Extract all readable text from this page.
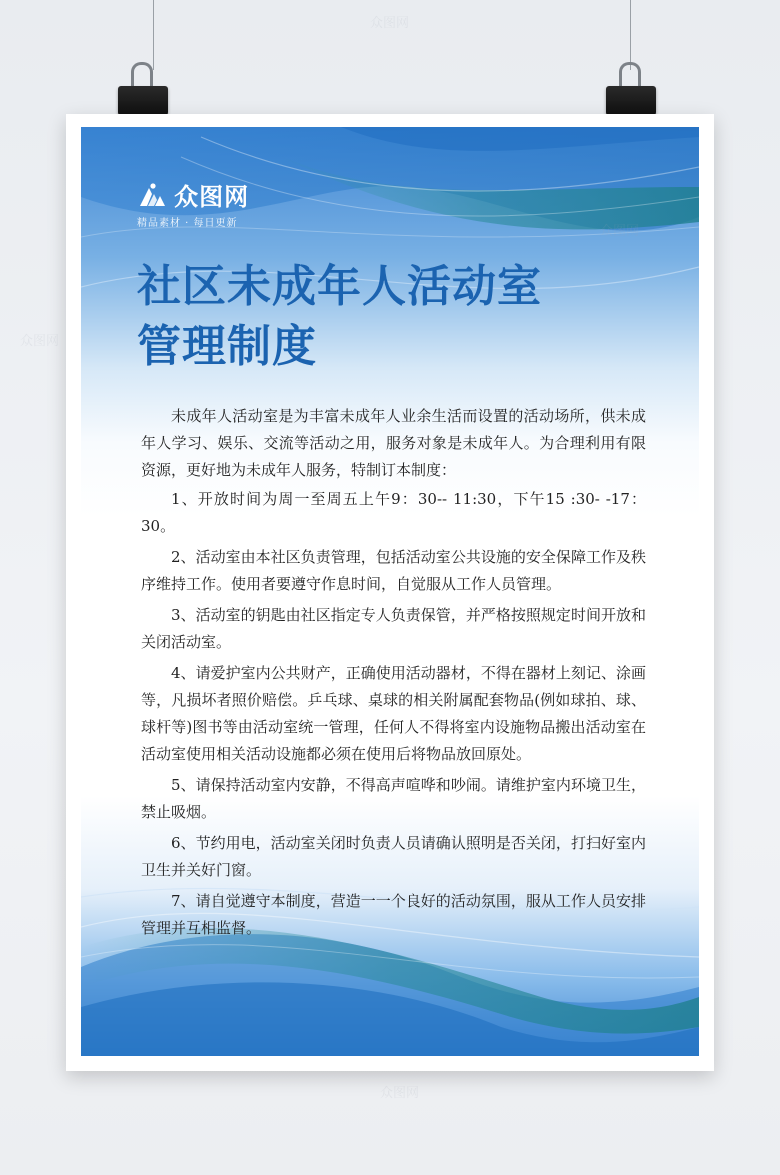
众图网
精品素材 · 每日更新
社区未成年人活动室
管理制度

未成年人活动室是为丰富未成年人业余生活而设置的活动场所，供未成年人学习、娱乐、交流等活动之用，服务对象是未成年人。为合理利用有限资源，更好地为未成年人服务，特制订本制度：

1、开放时间为周一至周五上午9：30-- 11:30，下午15 :30- -17：30。

2、活动室由本社区负责管理，包括活动室公共设施的安全保障工作及秩序维持工作。使用者要遵守作息时间，自觉服从工作人员管理。

3、活动室的钥匙由社区指定专人负责保管，并严格按照规定时间开放和关闭活动室。

4、请爱护室内公共财产，正确使用活动器材，不得在器材上刻记、涂画等，凡损坏者照价赔偿。乒乓球、桌球的相关附属配套物品(例如球拍、球、球杆等)图书等由活动室统一管理，任何人不得将室内设施物品搬出活动室在活动室使用相关活动设施都必须在使用后将物品放回原处。

5、请保持活动室内安静，不得高声喧哗和吵闹。请维护室内环境卫生，禁止吸烟。

6、节约用电，活动室关闭时负责人员请确认照明是否关闭，打扫好室内卫生并关好门窗。

7、请自觉遵守本制度，营造一一个良好的活动氛围，服从工作人员安排管理并互相监督。

众图网
众图网
众图网
